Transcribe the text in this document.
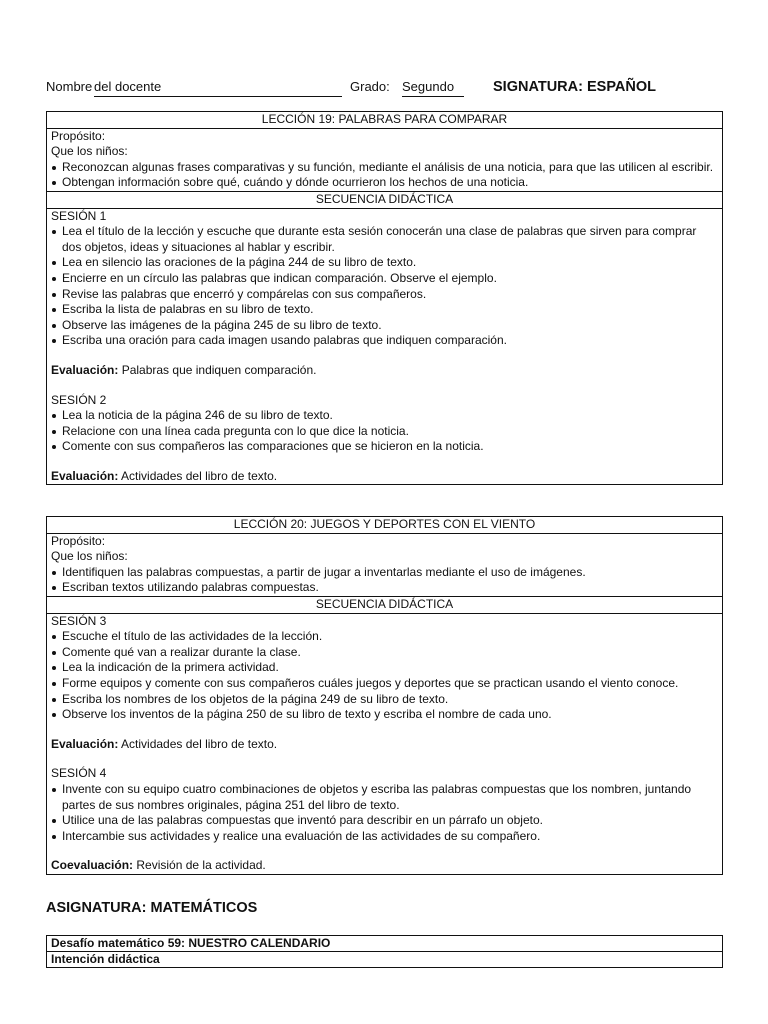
Nombre del docente	Grado: Segundo	SIGNATURA: ESPAÑOL
LECCIÓN 19: PALABRAS PARA COMPARAR

Propósito:

Que los niños:

Reconozcan algunas frases comparativas y su función, mediante el análisis de una noticia, para que las utilicen al escribir.
Obtengan información sobre qué, cuándo y dónde ocurrieron los hechos de una noticia.

SECUENCIA DIDÁCTICA

SESIÓN 1

Lea el título de la lección y escuche que durante esta sesión conocerán una clase de palabras que sirven para comprar dos objetos, ideas y situaciones al hablar y escribir.
Lea en silencio las oraciones de la página 244 de su libro de texto.
Encierre en un círculo las palabras que indican comparación. Observe el ejemplo.
Revise las palabras que encerró y compárelas con sus compañeros.
Escriba la lista de palabras en su libro de texto.
Observe las imágenes de la página 245 de su libro de texto.
Escriba una oración para cada imagen usando palabras que indiquen comparación.

Evaluación: Palabras que indiquen comparación.

SESIÓN 2

Lea la noticia de la página 246 de su libro de texto.
Relacione con una línea cada pregunta con lo que dice la noticia.
Comente con sus compañeros las comparaciones que se hicieron en la noticia.

Evaluación: Actividades del libro de texto.

LECCIÓN 20: JUEGOS Y DEPORTES CON EL VIENTO

Propósito:

Que los niños:

Identifiquen las palabras compuestas, a partir de jugar a inventarlas mediante el uso de imágenes.
Escriban textos utilizando palabras compuestas.

SECUENCIA DIDÁCTICA

SESIÓN 3

Escuche el título de las actividades de la lección.
Comente qué van a realizar durante la clase.
Lea la indicación de la primera actividad.
Forme equipos y comente con sus compañeros cuáles juegos y deportes que se practican usando el viento conoce.
Escriba los nombres de los objetos de la página 249 de su libro de texto.
Observe los inventos de la página 250 de su libro de texto y escriba el nombre de cada uno.

Evaluación: Actividades del libro de texto.

SESIÓN 4

Invente con su equipo cuatro combinaciones de objetos y escriba las palabras compuestas que los nombren, juntando partes de sus nombres originales, página 251 del libro de texto.
Utilice una de las palabras compuestas que inventó para describir en un párrafo un objeto.
Intercambie sus actividades y realice una evaluación de las actividades de su compañero.

Coevaluación: Revisión de la actividad.

ASIGNATURA: MATEMÁTICOS
Desafío matemático 59: NUESTRO CALENDARIO
Intención didáctica
